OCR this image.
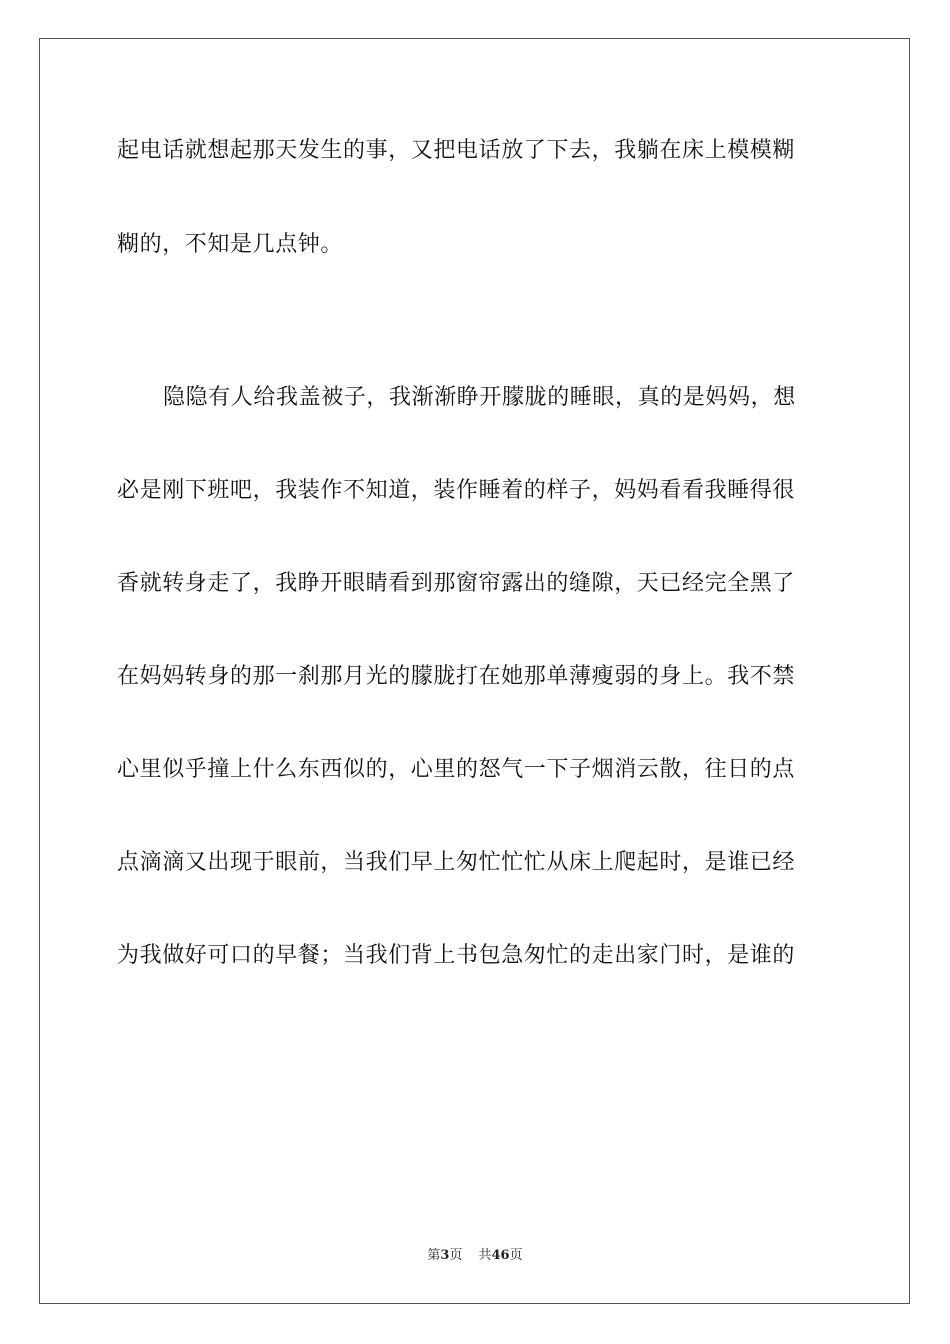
起电话就想起那天发生的事，又把电话放了下去，我躺在床上模模糊
糊的，不知是几点钟。
隐隐有人给我盖被子，我渐渐睁开朦胧的睡眼，真的是妈妈，想
必是刚下班吧，我装作不知道，装作睡着的样子，妈妈看看我睡得很
香就转身走了，我睁开眼睛看到那窗帘露出的缝隙，天已经完全黑了
在妈妈转身的那一刹那月光的朦胧打在她那单薄瘦弱的身上。我不禁
心里似乎撞上什么东西似的，心里的怒气一下子烟消云散，往日的点
点滴滴又出现于眼前，当我们早上匆忙忙忙从床上爬起时，是谁已经
为我做好可口的早餐；当我们背上书包急匆忙的走出家门时，是谁的
第3页 共46页
